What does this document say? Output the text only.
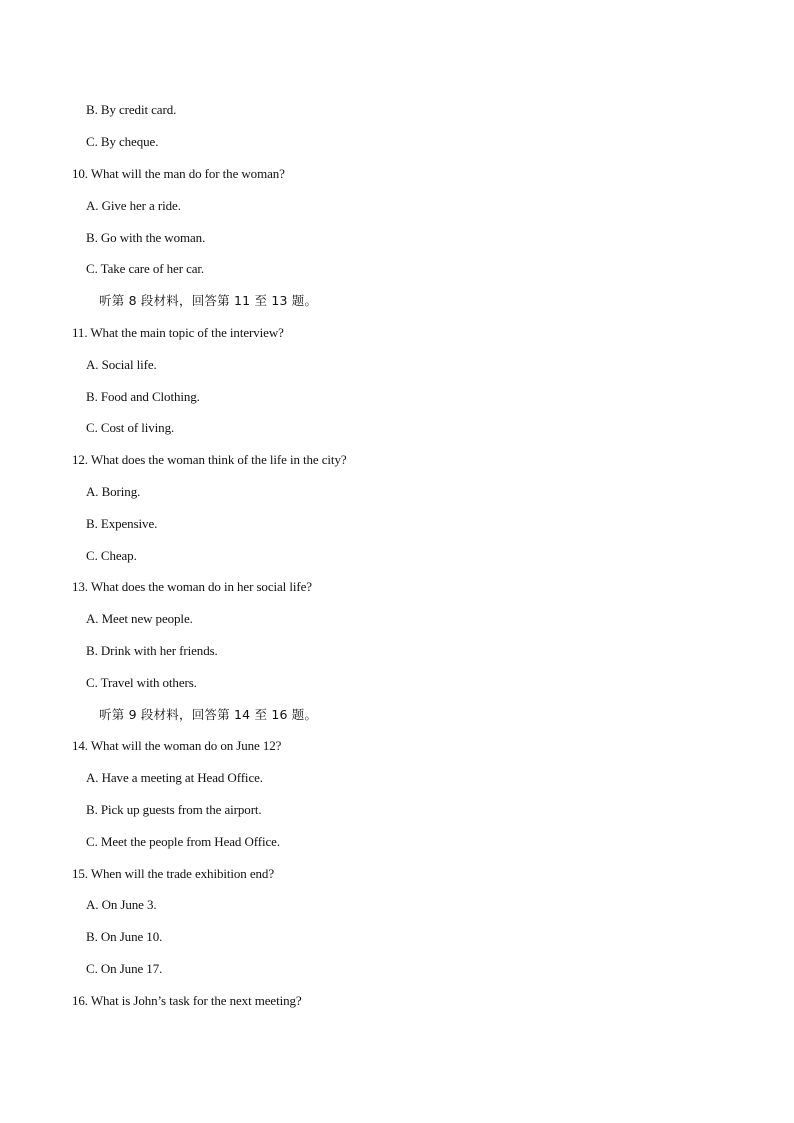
B. By credit card.
C. By cheque.
10. What will the man do for the woman?
A. Give her a ride.
B. Go with the woman.
C. Take care of her car.
听第 8 段材料，回答第 11 至 13 题。
11. What the main topic of the interview?
A. Social life.
B. Food and Clothing.
C. Cost of living.
12. What does the woman think of the life in the city?
A. Boring.
B. Expensive.
C. Cheap.
13. What does the woman do in her social life?
A. Meet new people.
B. Drink with her friends.
C. Travel with others.
听第 9 段材料，回答第 14 至 16 题。
14. What will the woman do on June 12?
A. Have a meeting at Head Office.
B. Pick up guests from the airport.
C. Meet the people from Head Office.
15. When will the trade exhibition end?
A. On June 3.
B. On June 10.
C. On June 17.
16. What is John’s task for the next meeting?
